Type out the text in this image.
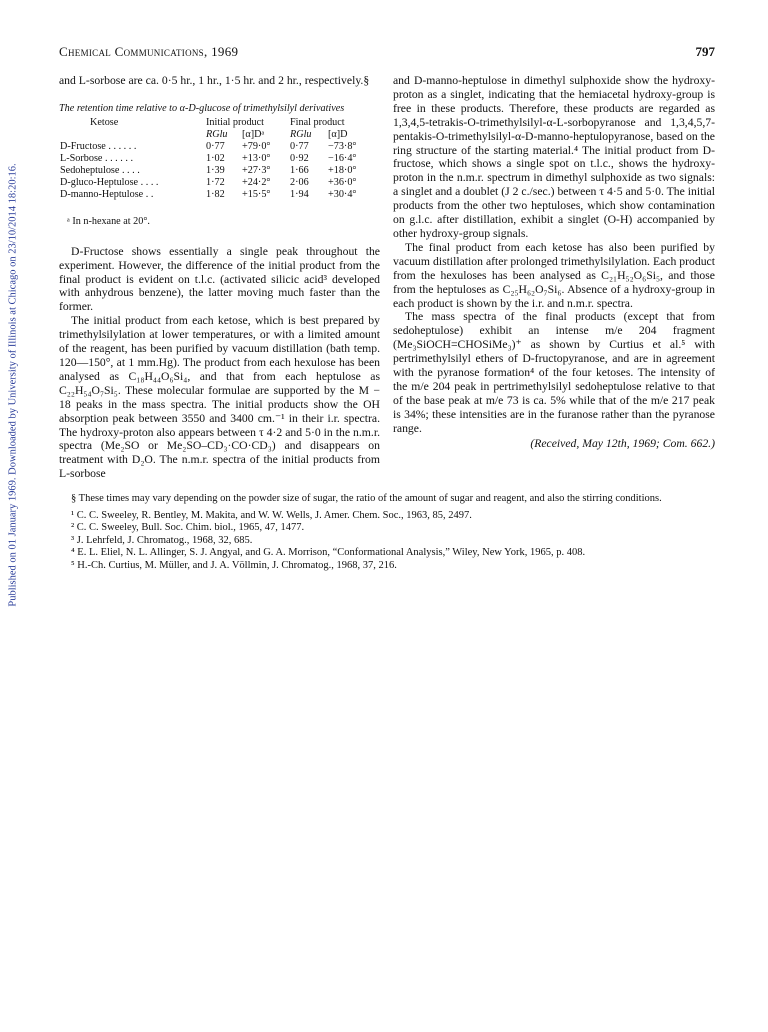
Published on 01 January 1969. Downloaded by University of Illinois at Chicago on 23/10/2014 18:20:16.
Chemical Communications, 1969	797

and L-sorbose are ca. 0·5 hr., 1 hr., 1·5 hr. and 2 hr., respectively.§

The retention time relative to α-D-glucose of trimethylsilyl derivatives
Ketose	Initial product		Final product	
	RGlu	[α]Dᵃ	RGlu	[α]D
D-Fructose . . . . . .	0·77	+79·0°	0·77	−73·8°
L-Sorbose . . . . . .	1·02	+13·0°	0·92	−16·4°
Sedoheptulose . . . .	1·39	+27·3°	1·66	+18·0°
D-gluco-Heptulose . . . .	1·72	+24·2°	2·06	+36·0°
D-manno-Heptulose . .	1·82	+15·5°	1·94	+30·4°
ᵃ In n-hexane at 20°.

D-Fructose shows essentially a single peak throughout the experiment. However, the difference of the initial product from the final product is evident on t.l.c. (activated silicic acid³ developed with anhydrous benzene), the latter moving much faster than the former.

The initial product from each ketose, which is best prepared by trimethylsilylation at lower temperatures, or with a limited amount of the reagent, has been purified by vacuum distillation (bath temp. 120—150°, at 1 mm.Hg). The product from each hexulose has been analysed as C₁₈H₄₄O₆Si₄, and that from each heptulose as C₂₂H₅₄O₇Si₅. These molecular formulae are supported by the M − 18 peaks in the mass spectra. The initial products show the OH absorption peak between 3550 and 3400 cm.⁻¹ in their i.r. spectra. The hydroxy-proton also appears between τ 4·2 and 5·0 in the n.m.r. spectra (Me₂SO or Me₂SO–CD₃·CO·CD₃) and disappears on treatment with D₂O. The n.m.r. spectra of the initial products from L-sorbose

and D-manno-heptulose in dimethyl sulphoxide show the hydroxy-proton as a singlet, indicating that the hemiacetal hydroxy-group is free in these products. Therefore, these products are regarded as 1,3,4,5-tetrakis-O-trimethylsilyl-α-L-sorbopyranose and 1,3,4,5,7-pentakis-O-trimethylsilyl-α-D-manno-heptulopyranose, based on the ring structure of the starting material.⁴ The initial product from D-fructose, which shows a single spot on t.l.c., shows the hydroxy-proton in the n.m.r. spectrum in dimethyl sulphoxide as two signals: a singlet and a doublet (J 2 c./sec.) between τ 4·5 and 5·0. The initial products from the other two heptuloses, which show contamination on g.l.c. after distillation, exhibit a singlet (O-H) accompanied by other hydroxy-group signals.

The final product from each ketose has also been purified by vacuum distillation after prolonged trimethylsilylation. Each product from the hexuloses has been analysed as C₂₁H₅₂O₆Si₅, and those from the heptuloses as C₂₅H₆₂O₇Si₆. Absence of a hydroxy-group in each product is shown by the i.r. and n.m.r. spectra.

The mass spectra of the final products (except that from sedoheptulose) exhibit an intense m/e 204 fragment (Me₃SiOCH=CHOSiMe₃)⁺ as shown by Curtius et al.⁵ with pertrimethylsilyl ethers of D-fructopyranose, and are in agreement with the pyranose formation⁴ of the four ketoses. The intensity of the m/e 204 peak in pertrimethylsilyl sedoheptulose relative to that of the base peak at m/e 73 is ca. 5% while that of the m/e 217 peak is 34%; these intensities are in the furanose rather than the pyranose range.

(Received, May 12th, 1969; Com. 662.)

§ These times may vary depending on the powder size of sugar, the ratio of the amount of sugar and reagent, and also the stirring conditions.

¹ C. C. Sweeley, R. Bentley, M. Makita, and W. W. Wells, J. Amer. Chem. Soc., 1963, 85, 2497.

² C. C. Sweeley, Bull. Soc. Chim. biol., 1965, 47, 1477.

³ J. Lehrfeld, J. Chromatog., 1968, 32, 685.

⁴ E. L. Eliel, N. L. Allinger, S. J. Angyal, and G. A. Morrison, “Conformational Analysis,” Wiley, New York, 1965, p. 408.

⁵ H.-Ch. Curtius, M. Müller, and J. A. Völlmin, J. Chromatog., 1968, 37, 216.
